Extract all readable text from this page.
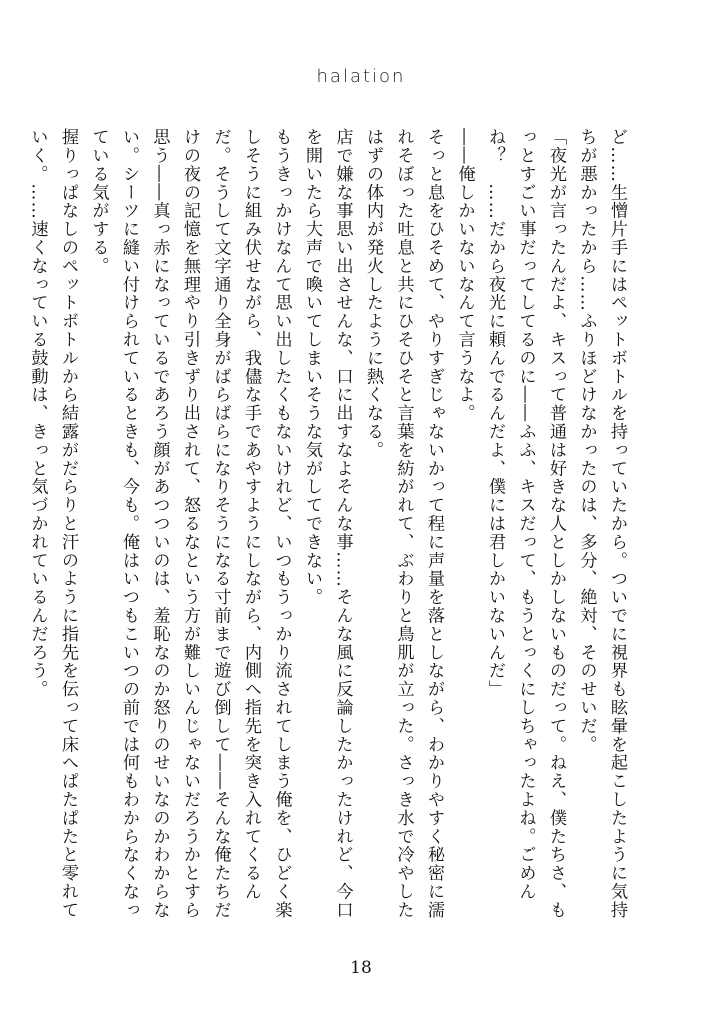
halation

ど……生憎片手にはペットボトルを持っていたから。ついでに視界も眩暈を起こしたように気持ちが悪かったから……ふりほどけなかったのは、多分、絶対、そのせいだ。

「夜光が言ったんだよ、キスって普通は好きな人としかしないものだって。ねえ、僕たちさ、もっとすごい事だってしてるのに――ふふ、キスだって、もうとっくにしちゃったよね。ごめんね？　……だから夜光に頼んでるんだよ、僕には君しかいないんだ」

――俺しかいないなんて言うなよ。

そっと息をひそめて、やりすぎじゃないかって程に声量を落としながら、わかりやすく秘密に濡れそぼった吐息と共にひそひそと言葉を紡がれて、ぶわりと鳥肌が立った。さっき水で冷やしたはずの体内が発火したように熱くなる。

店で嫌な事思い出させんな、口に出すなよそんな事……そんな風に反論したかったけれど、今口を開いたら大声で喚いてしまいそうな気がしてできない。

もうきっかけなんて思い出したくもないけれど、いつもうっかり流されてしまう俺を、ひどく楽しそうに組み伏せながら、我儘な手であやすようにしながら、内側へ指先を突き入れてくるんだ。そうして文字通り全身がばらばらになりそうになる寸前まで遊び倒して――そんな俺たちだけの夜の記憶を無理やり引きずり出されて、怒るなという方が難しいんじゃないだろうかとすら思う――真っ赤になっているであろう顔があつついのは、羞恥なのか怒りのせいなのかわからない。シーツに縫い付けられているときも、今も。俺はいつもこいつの前では何もわからなくなっている気がする。

握りっぱなしのペットボトルから結露がだらりと汗のように指先を伝って床へぱたぱたと零れていく。……速くなっている鼓動は、きっと気づかれているんだろう。

18
